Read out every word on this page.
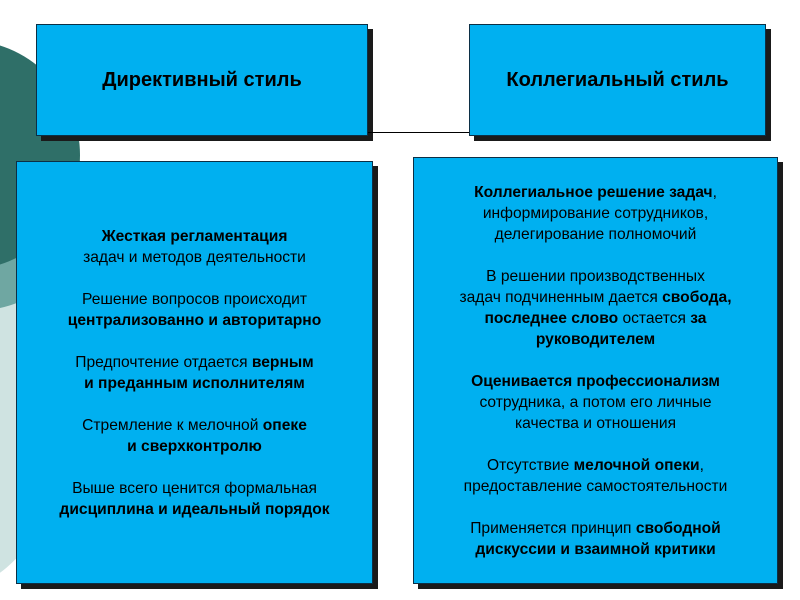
Директивный стиль	Коллегиальный стиль

Жесткая регламентация
задач и методов деятельности

Решение вопросов происходит
централизованно и авторитарно

Предпочтение отдается верным
и преданным исполнителям

Стремление к мелочной опеке
и сверхконтролю

Выше всего ценится формальная
дисциплина и идеальный порядок

Коллегиальное решение задач,
информирование сотрудников,
делегирование полномочий

В решении производственных
задач подчиненным дается свобода,
последнее слово остается за
руководителем

Оценивается профессионализм
сотрудника, а потом его личные
качества и отношения

Отсутствие мелочной опеки,
предоставление самостоятельности

Применяется принцип свободной
дискуссии и взаимной критики
